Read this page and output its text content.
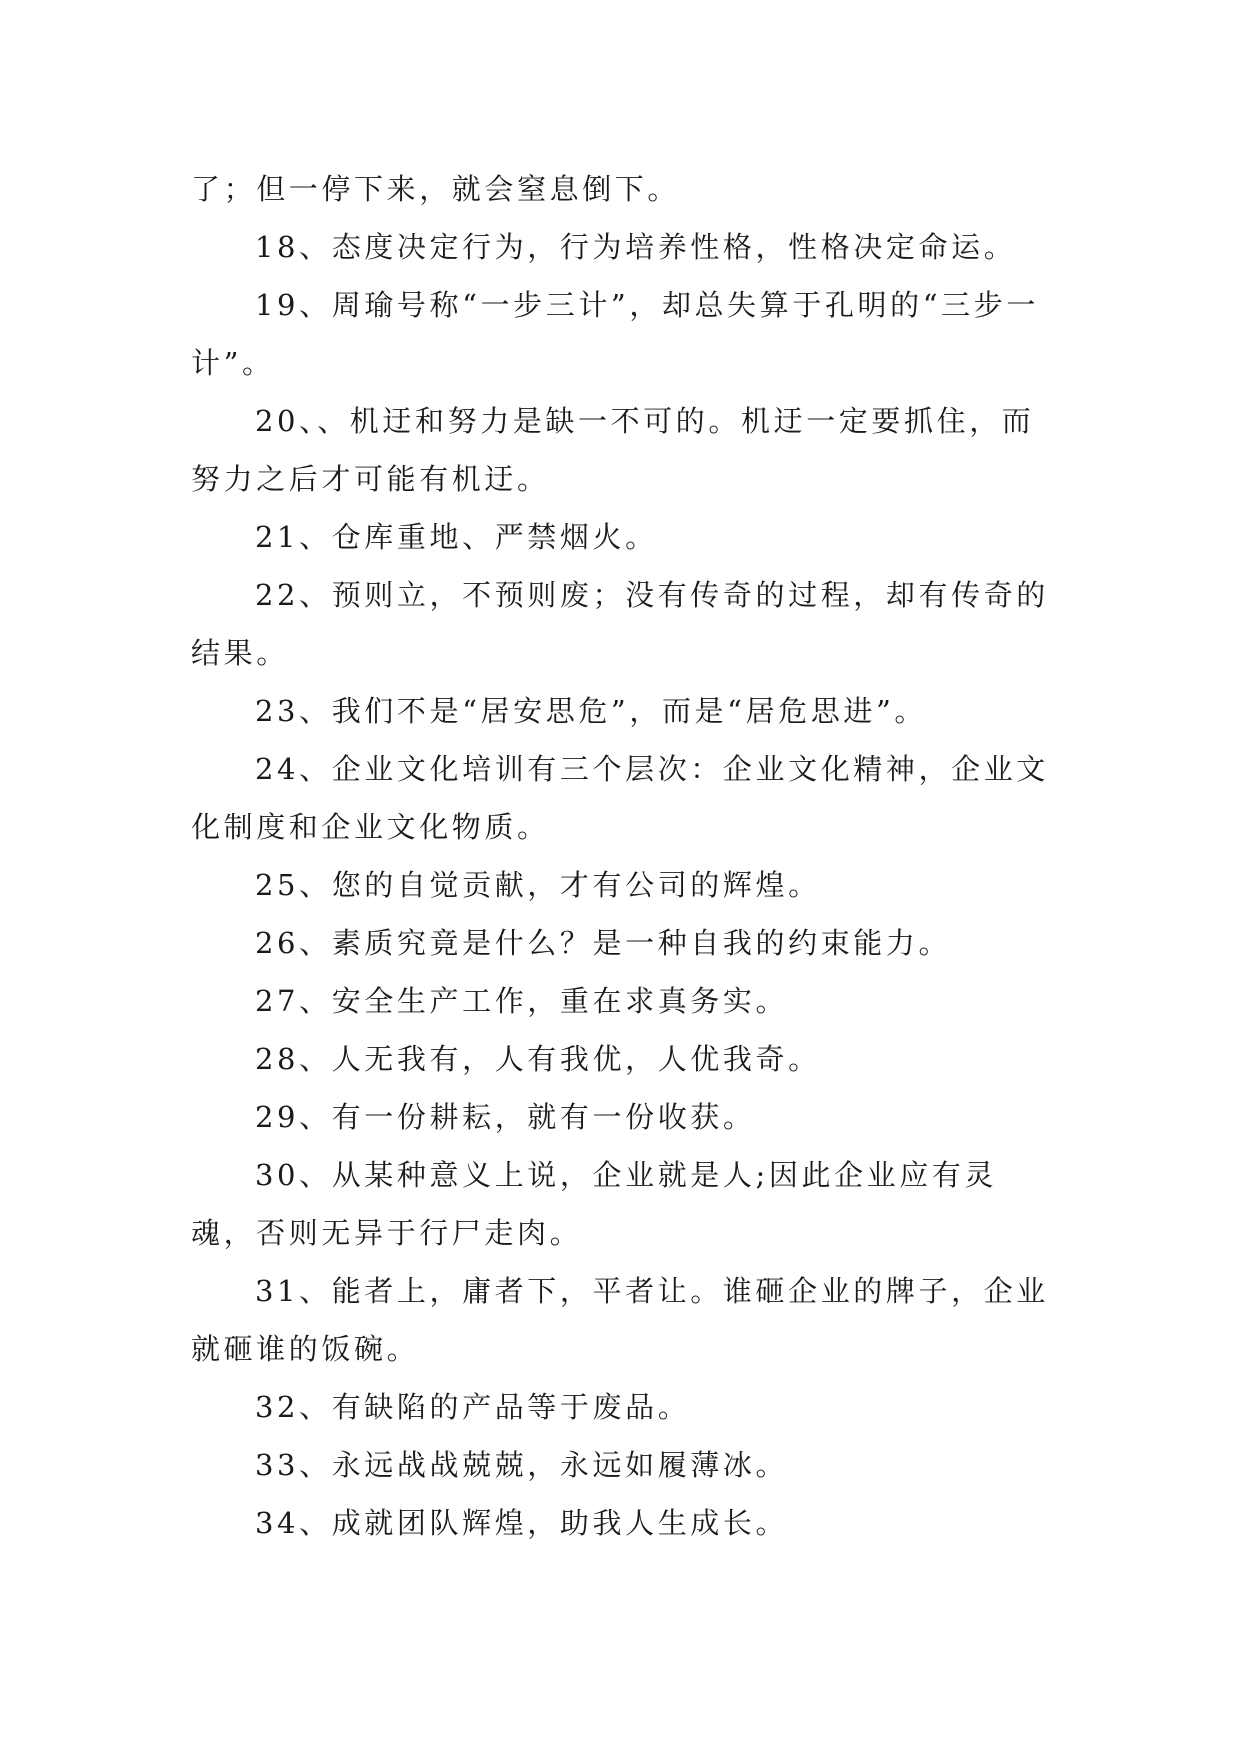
了；但一停下来，就会窒息倒下。

18、态度决定行为，行为培养性格，性格决定命运。

19、周瑜号称“一步三计”，却总失算于孔明的“三步一计”。

20、、机迂和努力是缺一不可的。机迂一定要抓住，而努力之后才可能有机迂。

21、仓库重地、严禁烟火。

22、预则立，不预则废；没有传奇的过程，却有传奇的结果。

23、我们不是“居安思危”，而是“居危思进”。

24、企业文化培训有三个层次：企业文化精神，企业文化制度和企业文化物质。

25、您的自觉贡献，才有公司的辉煌。

26、素质究竟是什么？是一种自我的约束能力。

27、安全生产工作，重在求真务实。

28、人无我有，人有我优，人优我奇。

29、有一份耕耘，就有一份收获。

30、从某种意义上说，企业就是人;因此企业应有灵魂，否则无异于行尸走肉。

31、能者上，庸者下，平者让。谁砸企业的牌子，企业就砸谁的饭碗。

32、有缺陷的产品等于废品。

33、永远战战兢兢，永远如履薄冰。

34、成就团队辉煌，助我人生成长。
